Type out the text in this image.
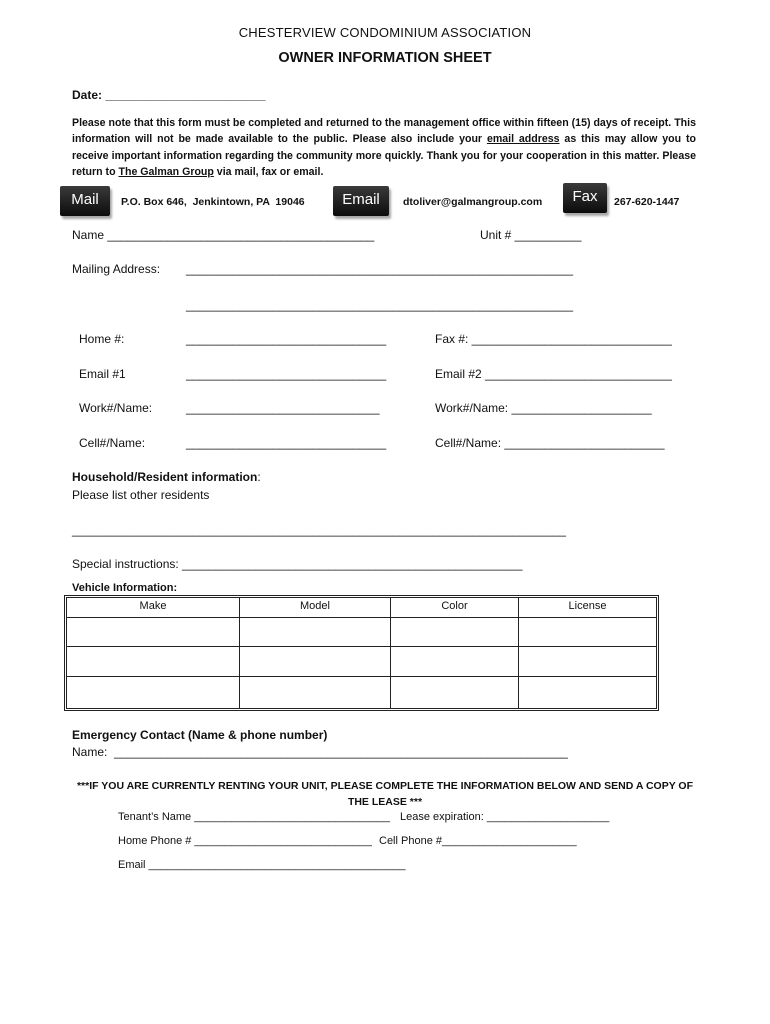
CHESTERVIEW CONDOMINIUM ASSOCIATION
OWNER INFORMATION SHEET
Date: ________________________
Please note that this form must be completed and returned to the management office within fifteen (15) days of receipt. This information will not be made available to the public. Please also include your email address as this may allow you to receive important information regarding the community more quickly. Thank you for your cooperation in this matter. Please return to The Galman Group via mail, fax or email.
Mail	P.O. Box 646,  Jenkintown, PA  19046	Email	dtoliver@galmangroup.com	Fax	267-620-1447
Name ________________________________________	Unit # __________
Mailing Address: __________________________________________________________
__________________________________________________________
Home #:	______________________________	Fax #: ______________________________
Email #1	______________________________	Email #2 ____________________________
Work#/Name:	_____________________________	Work#/Name: _____________________
Cell#/Name:	______________________________	Cell#/Name: ________________________
Household/Resident information:
Please list other residents
__________________________________________________________________________
Special instructions: ___________________________________________________
Vehicle Information:
Make	Model	Color	License
Emergency Contact (Name & phone number)
Name:  ____________________________________________________________________
***IF YOU ARE CURRENTLY RENTING YOUR UNIT, PLEASE COMPLETE THE INFORMATION BELOW AND SEND A COPY OF
THE LEASE ***
Tenant’s Name ________________________________ Lease expiration: ____________________
Home Phone # _____________________________ Cell Phone #______________________
Email __________________________________________
